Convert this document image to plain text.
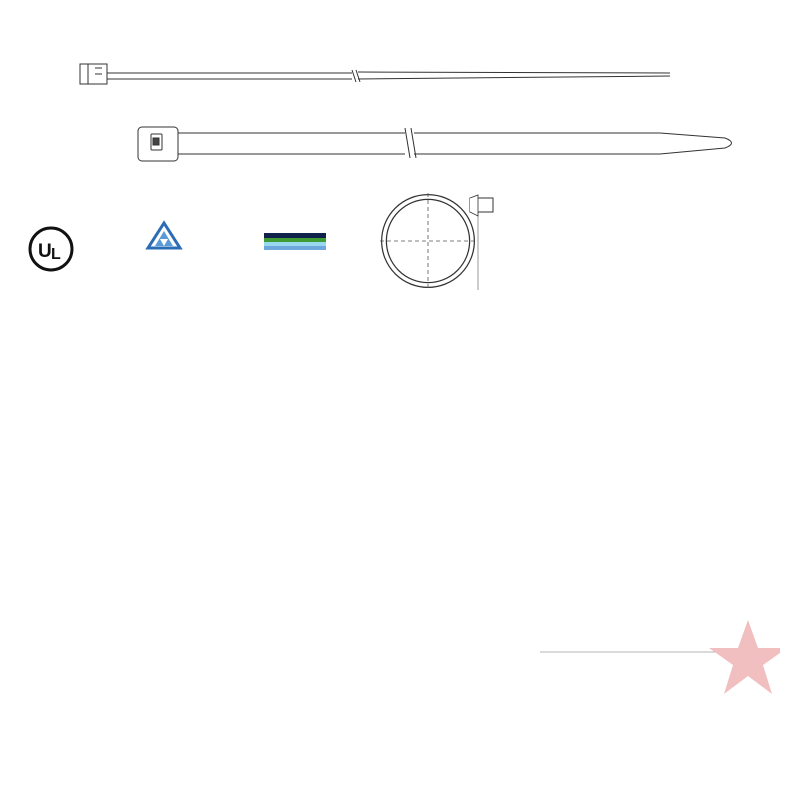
U L
